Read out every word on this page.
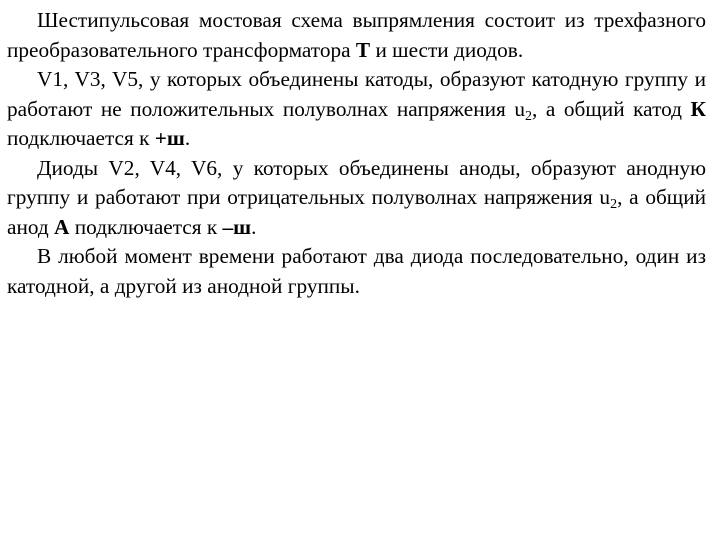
Шестипульсовая мостовая схема выпрямления состоит из трехфазного преобразовательного трансформатора Т и шести диодов.

V1, V3, V5, у которых объединены катоды, образуют катодную группу и работают не положительных полуволнах напряжения $u_2$, а общий катод К подключается к +ш.

Диоды V2, V4, V6, у которых объединены аноды, образуют анодную группу и работают при отрицательных полуволнах напряжения $u_2$, а общий анод А подключается к –ш.

В любой момент времени работают два диода последовательно, один из катодной, а другой из анодной группы.
